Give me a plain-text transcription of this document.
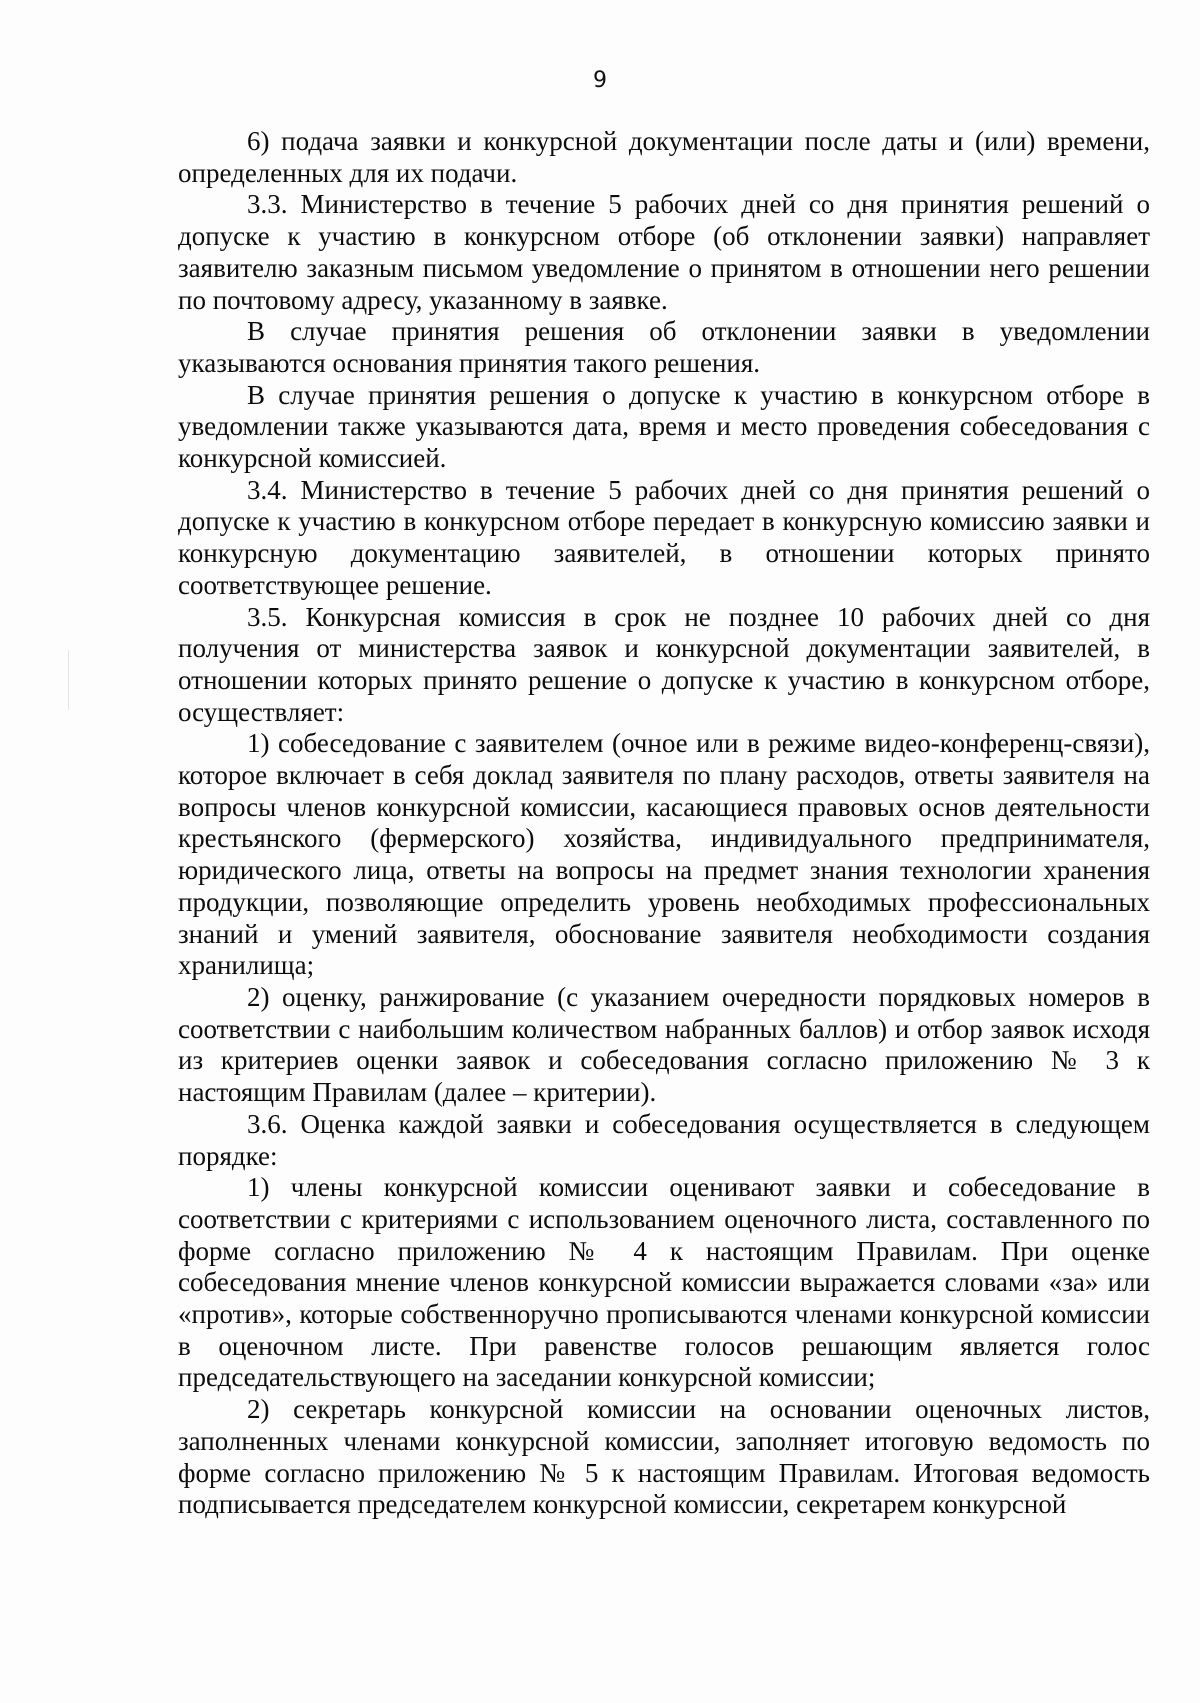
9

6) подача заявки и конкурсной документации после даты и (или) времени, определенных для их подачи.

3.3. Министерство в течение 5 рабочих дней со дня принятия решений о допуске к участию в конкурсном отборе (об отклонении заявки) направляет заявителю заказным письмом уведомление о принятом в отношении него решении по почтовому адресу, указанному в заявке.

В случае принятия решения об отклонении заявки в уведомлении указываются основания принятия такого решения.

В случае принятия решения о допуске к участию в конкурсном отборе в уведомлении также указываются дата, время и место проведения собеседования с конкурсной комиссией.

3.4. Министерство в течение 5 рабочих дней со дня принятия решений о допуске к участию в конкурсном отборе передает в конкурсную комиссию заявки и конкурсную документацию заявителей, в отношении которых принято соответствующее решение.

3.5. Конкурсная комиссия в срок не позднее 10 рабочих дней со дня получения от министерства заявок и конкурсной документации заявителей, в отношении которых принято решение о допуске к участию в конкурсном отборе, осуществляет:

1) собеседование с заявителем (очное или в режиме видео-конференц-связи), которое включает в себя доклад заявителя по плану расходов, ответы заявителя на вопросы членов конкурсной комиссии, касающиеся правовых основ деятельности крестьянского (фермерского) хозяйства, индивидуального предпринимателя, юридического лица, ответы на вопросы на предмет знания технологии хранения продукции, позволяющие определить уровень необходимых профессиональных знаний и умений заявителя, обоснование заявителя необходимости создания хранилища;

2) оценку, ранжирование (с указанием очередности порядковых номеров в соответствии с наибольшим количеством набранных баллов) и отбор заявок исходя из критериев оценки заявок и собеседования согласно приложению № 3 к настоящим Правилам (далее – критерии).

3.6. Оценка каждой заявки и собеседования осуществляется в следующем порядке:

1) члены конкурсной комиссии оценивают заявки и собеседование в соответствии с критериями с использованием оценочного листа, составленного по форме согласно приложению № 4 к настоящим Правилам. При оценке собеседования мнение членов конкурсной комиссии выражается словами «за» или «против», которые собственноручно прописываются членами конкурсной комиссии в оценочном листе. При равенстве голосов решающим является голос председательствующего на заседании конкурсной комиссии;

2) секретарь конкурсной комиссии на основании оценочных листов, заполненных членами конкурсной комиссии, заполняет итоговую ведомость по форме согласно приложению № 5 к настоящим Правилам. Итоговая ведомость подписывается председателем конкурсной комиссии, секретарем конкурсной
